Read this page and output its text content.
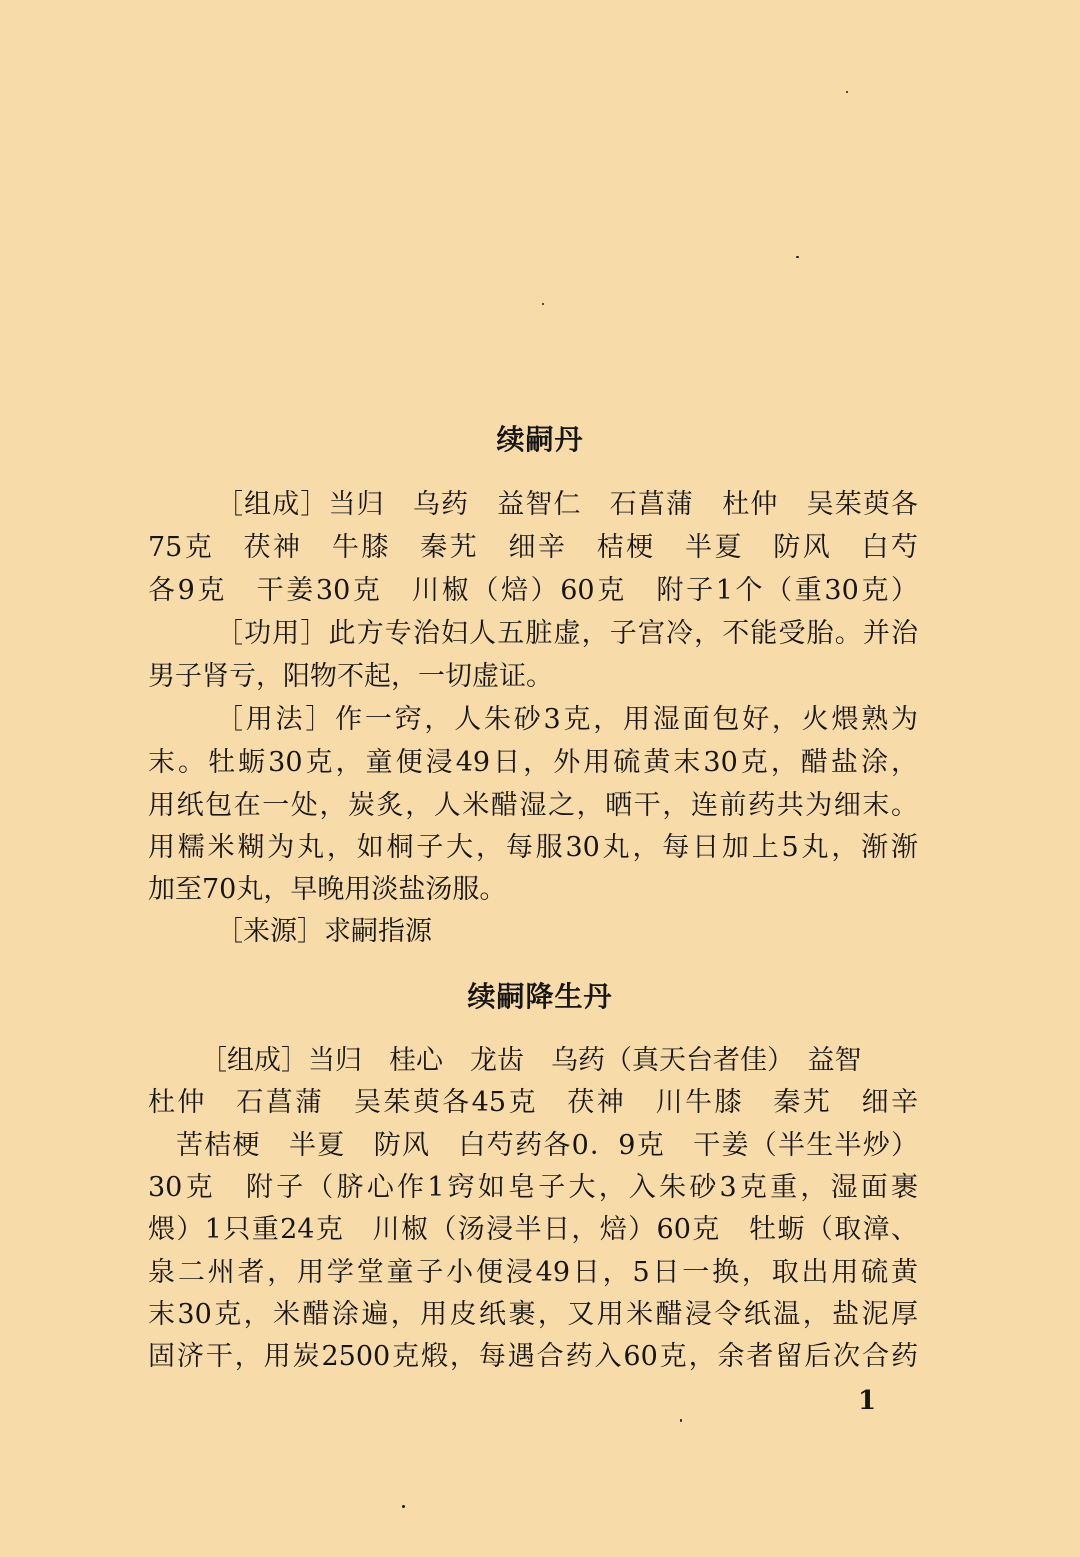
续嗣丹
［组成］当归　乌药　益智仁　石菖蒲　杜仲　吴茱萸各
75克　茯神　牛膝　秦艽　细辛　桔梗　半夏　防风　白芍
各9克　干姜30克　川椒（焙）60克　附子1个（重30克）
［功用］此方专治妇人五脏虚，子宫冷，不能受胎。并治
男子肾亏，阳物不起，一切虚证。
［用法］作一窍，人朱砂3克，用湿面包好，火煨熟为
末。牡蛎30克，童便浸49日，外用硫黄末30克，醋盐涂，
用纸包在一处，炭炙，人米醋湿之，晒干，连前药共为细末。
用糯米糊为丸，如桐子大，每服30丸，每日加上5丸，渐渐
加至70丸，早晚用淡盐汤服。
［来源］求嗣指源
续嗣降生丹
［组成］当归　桂心　龙齿　乌药（真天台者佳）　益智
杜仲　石菖蒲　吴茱萸各45克　茯神　川牛膝　秦艽　细辛
苦桔梗　半夏　防风　白芍药各0．9克　干姜（半生半炒）
30克　附子（脐心作1窍如皂子大，入朱砂3克重，湿面裹
煨）1只重24克　川椒（汤浸半日，焙）60克　牡蛎（取漳、
泉二州者，用学堂童子小便浸49日，5日一换，取出用硫黄
末30克，米醋涂遍，用皮纸裹，又用米醋浸令纸温，盐泥厚
固济干，用炭2500克煅，每遇合药入60克，余者留后次合药
1
